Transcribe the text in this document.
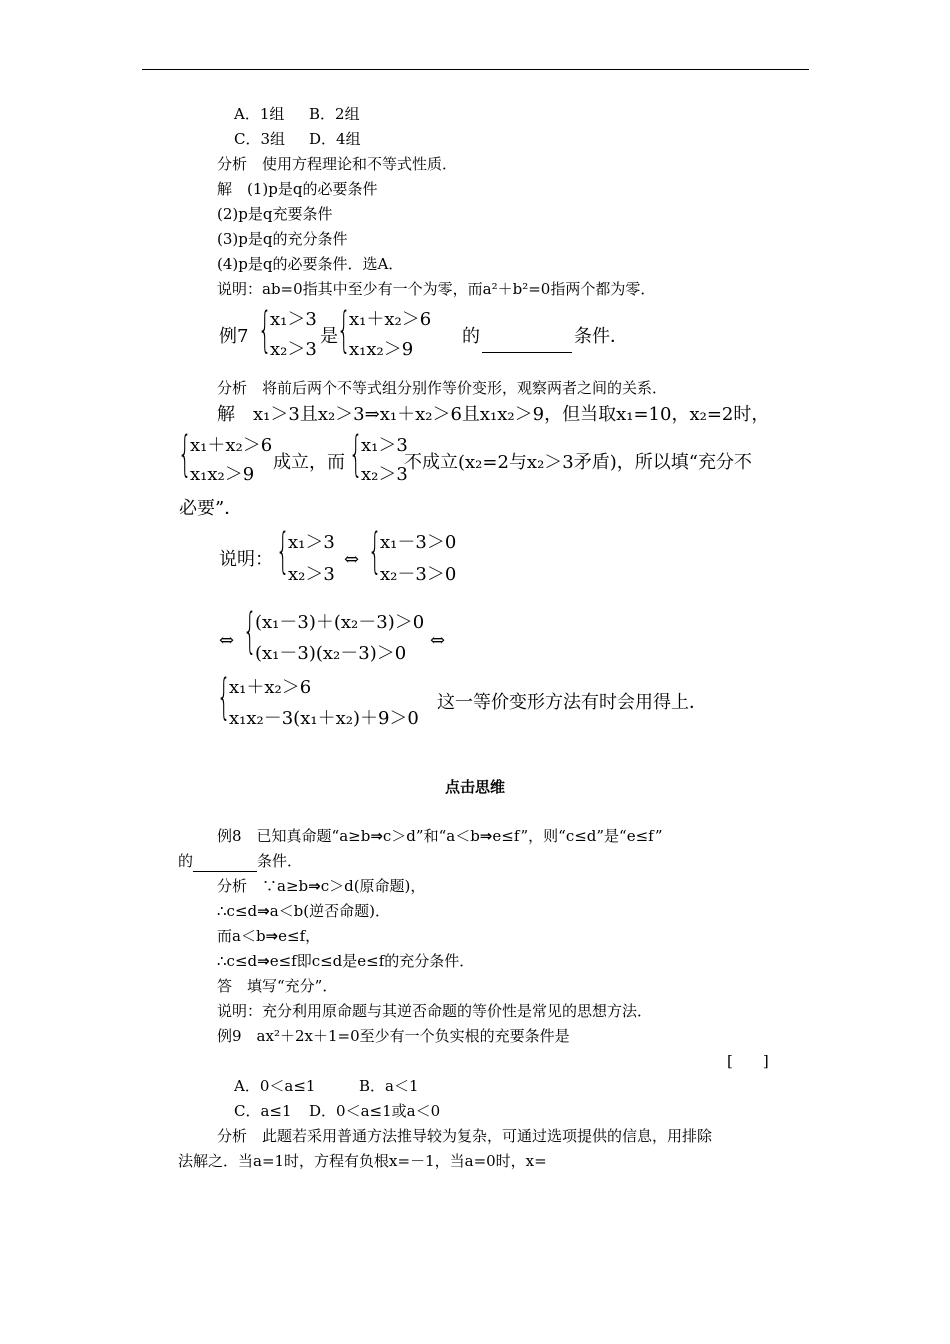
A．1组 B．2组
C．3组 D．4组
分析　使用方程理论和不等式性质．
解　(1)p是q的必要条件
(2)p是q充要条件
(3)p是q的充分条件
(4)p是q的必要条件．选A．
说明：ab=0指其中至少有一个为零，而a²＋b²=0指两个都为零．
例7 {
x₁＞3
x₂＞3
是 {
x₁＋x₂＞6
x₁x₂＞9
的
	条件．
分析　将前后两个不等式组分别作等价变形，观察两者之间的关系．
解　x₁＞3且x₂＞3⇒x₁＋x₂＞6且x₁x₂＞9，但当取x₁=10，x₂=2时，
{
x₁＋x₂＞6
x₁x₂＞9
成立，而 {
x₁＞3
x₂＞3
不成立(x₂=2与x₂＞3矛盾)，所以填“充分不
必要”．
说明： {
x₁＞3
x₂＞3
⇔ {
x₁－3＞0
x₂－3＞0
⇔ {
(x₁－3)＋(x₂－3)＞0
(x₁－3)(x₂－3)＞0
⇔
{
x₁＋x₂＞6
x₁x₂－3(x₁＋x₂)＋9＞0
这一等价变形方法有时会用得上．
点击思维
例8　已知真命题“a≥b⇒c＞d”和“a＜b⇒e≤f”，则“c≤d”是“e≤f”
的	条件．
分析　∵a≥b⇒c＞d(原命题)，
∴c≤d⇒a＜b(逆否命题)．
而a＜b⇒e≤f，
∴c≤d⇒e≤f即c≤d是e≤f的充分条件．
答　填写“充分”．
说明：充分利用原命题与其逆否命题的等价性是常见的思想方法．
例9　ax²＋2x＋1=0至少有一个负实根的充要条件是
[　　]
A．0＜a≤1	B．a＜1
C．a≤1 D．0＜a≤1或a＜0
分析　此题若采用普通方法推导较为复杂，可通过选项提供的信息，用排除
法解之．当a=1时，方程有负根x=－1，当a=0时，x=
